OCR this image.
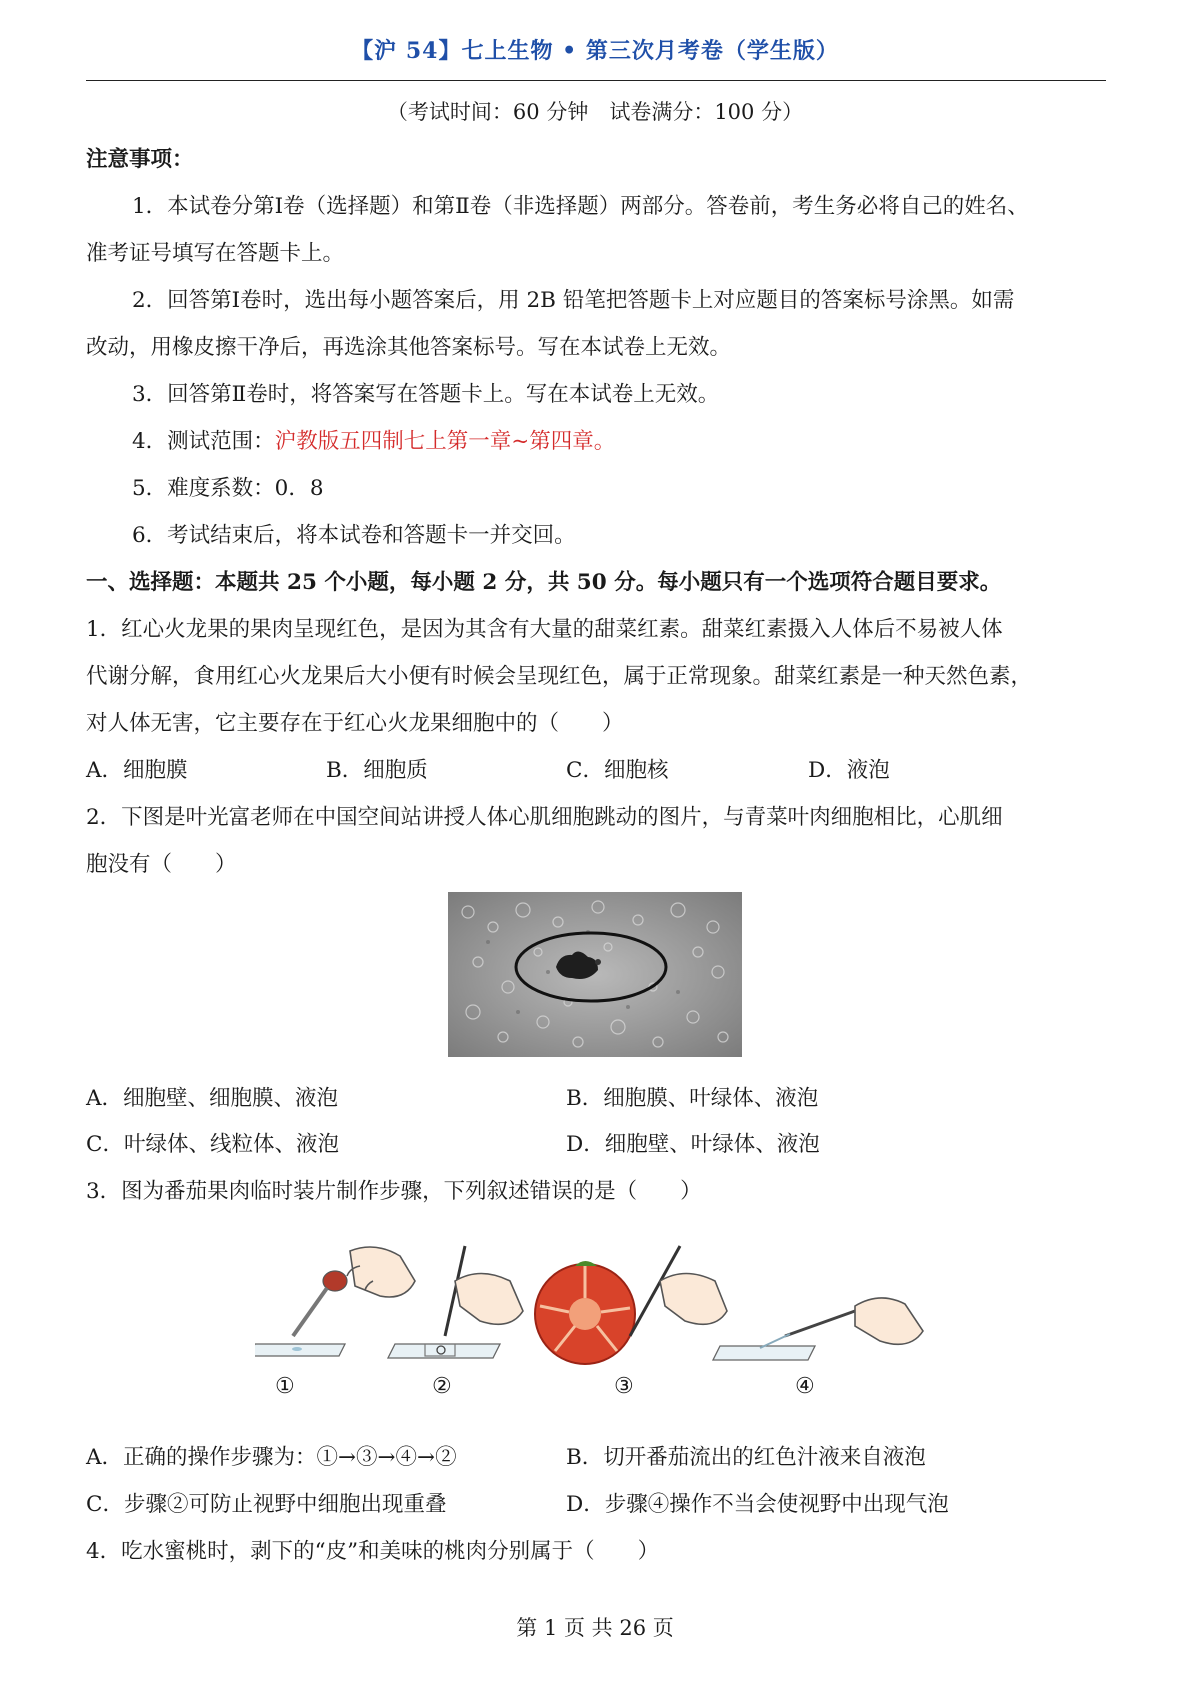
【沪 54】七上生物 • 第三次月考卷（学生版）
（考试时间：60 分钟　试卷满分：100 分）
注意事项：
1．本试卷分第Ⅰ卷（选择题）和第Ⅱ卷（非选择题）两部分。答卷前，考生务必将自己的姓名、
准考证号填写在答题卡上。
2．回答第Ⅰ卷时，选出每小题答案后，用 2B 铅笔把答题卡上对应题目的答案标号涂黑。如需
改动，用橡皮擦干净后，再选涂其他答案标号。写在本试卷上无效。
3．回答第Ⅱ卷时，将答案写在答题卡上。写在本试卷上无效。
4．测试范围：沪教版五四制七上第一章~第四章。
5．难度系数：0．8
6．考试结束后，将本试卷和答题卡一并交回。
一、选择题：本题共 25 个小题，每小题 2 分，共 50 分。每小题只有一个选项符合题目要求。
1．红心火龙果的果肉呈现红色，是因为其含有大量的甜菜红素。甜菜红素摄入人体后不易被人体
代谢分解，食用红心火龙果后大小便有时候会呈现红色，属于正常现象。甜菜红素是一种天然色素，
对人体无害，它主要存在于红心火龙果细胞中的（　　）
A．细胞膜	B．细胞质	C．细胞核	D．液泡
2．下图是叶光富老师在中国空间站讲授人体心肌细胞跳动的图片，与青菜叶肉细胞相比，心肌细
胞没有（　　）
A．细胞壁、细胞膜、液泡	B．细胞膜、叶绿体、液泡
C．叶绿体、线粒体、液泡	D．细胞壁、叶绿体、液泡
3．图为番茄果肉临时装片制作步骤，下列叙述错误的是（　　）
①	②	③	④
A．正确的操作步骤为：①→③→④→②	B．切开番茄流出的红色汁液来自液泡
C．步骤②可防止视野中细胞出现重叠	D．步骤④操作不当会使视野中出现气泡
4．吃水蜜桃时，剥下的“皮”和美味的桃肉分别属于（　　）
第 1 页 共 26 页
